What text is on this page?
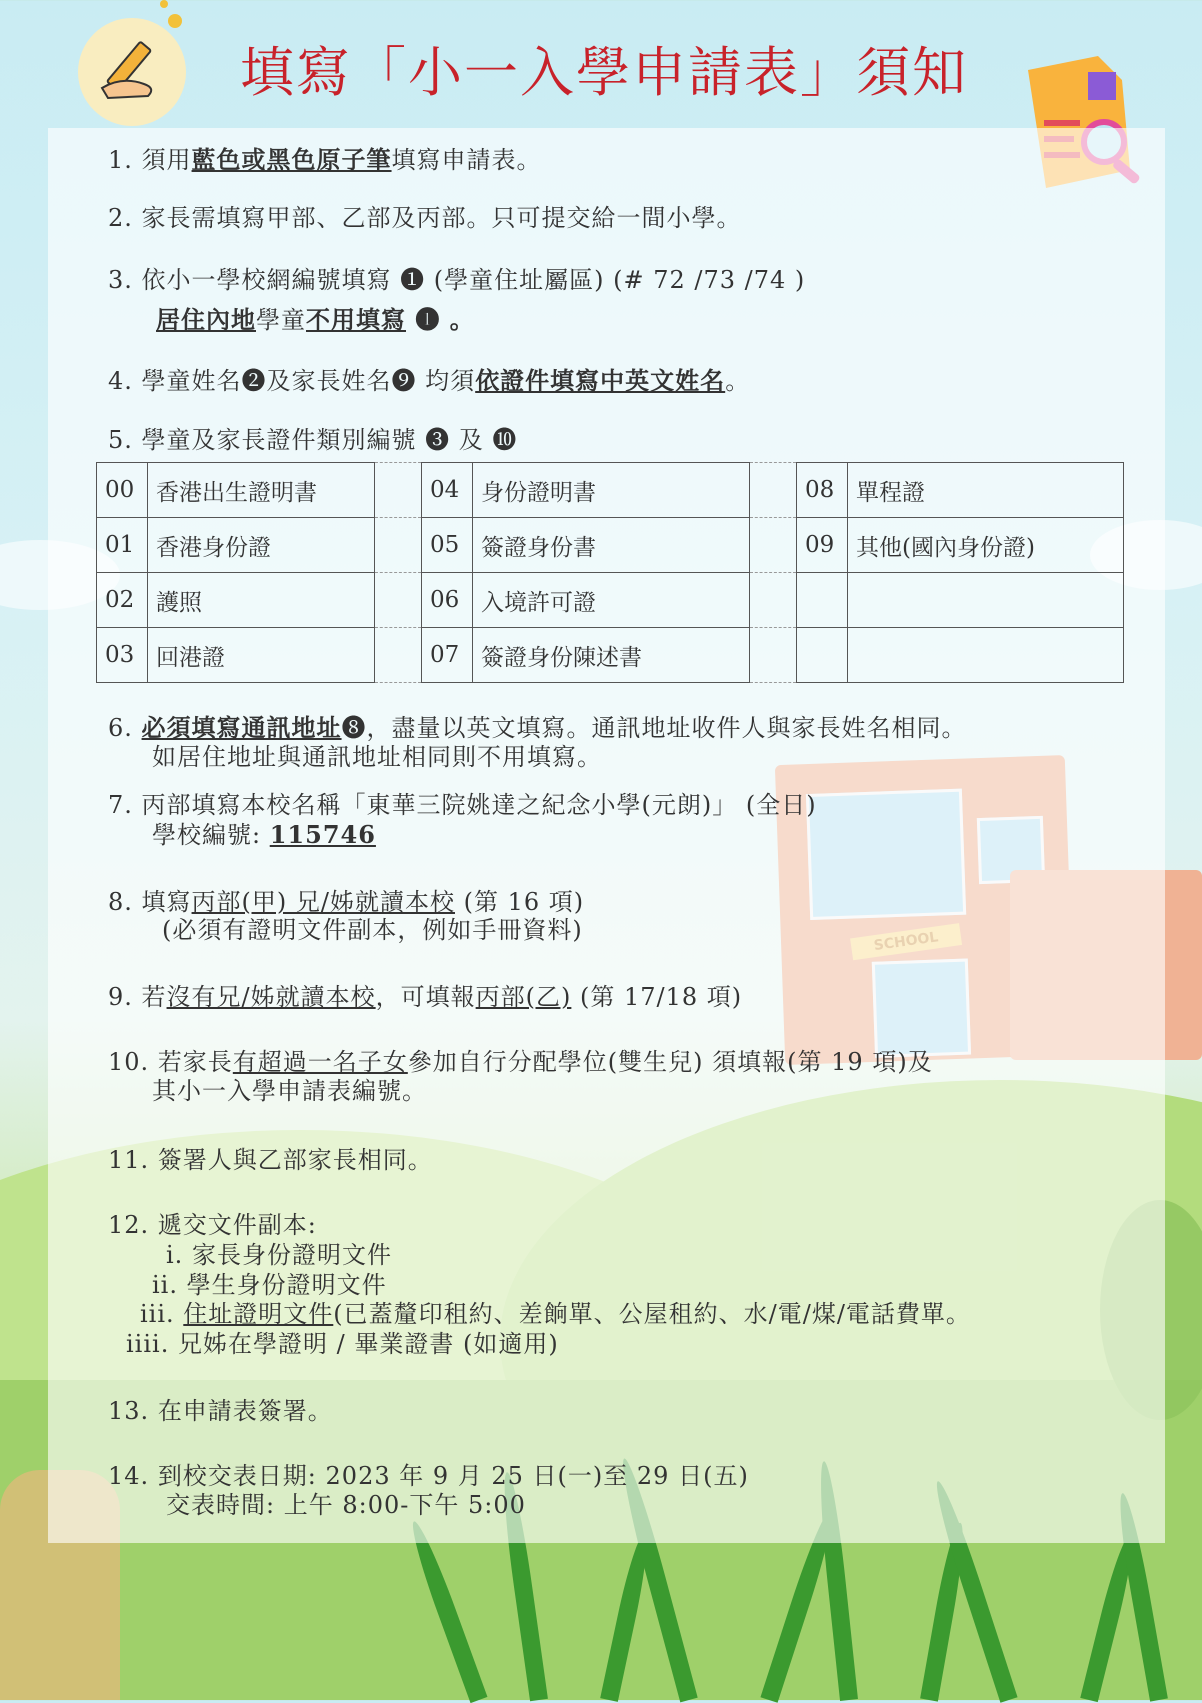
填寫「小一入學申請表」須知
1. 須用藍色或黑色原子筆填寫申請表。
2. 家長需填寫甲部、乙部及丙部。只可提交給一間小學。
3. 依小一學校網編號填寫 ❶ (學童住址屬區) (# 72 /73 /74 )
居住內地學童不用填寫 ❶ 。
4. 學童姓名❷及家長姓名❾ 均須依證件填寫中英文姓名。
5. 學童及家長證件類別編號 ❸ 及 ❿
6. 必須填寫通訊地址❽，盡量以英文填寫。通訊地址收件人與家長姓名相同。
如居住地址與通訊地址相同則不用填寫。
7. 丙部填寫本校名稱「東華三院姚達之紀念小學(元朗)」 (全日)
學校編號: 115746
8. 填寫丙部(甲) 兄/姊就讀本校 (第 16 項)
(必須有證明文件副本，例如手冊資料)
9. 若沒有兄/姊就讀本校，可填報丙部(乙) (第 17/18 項)
10. 若家長有超過一名子女參加自行分配學位(雙生兒) 須填報(第 19 項)及
其小一入學申請表編號。
11. 簽署人與乙部家長相同。
12. 遞交文件副本:
i. 家長身份證明文件
ii. 學生身份證明文件
iii. 住址證明文件(已蓋釐印租約、差餉單、公屋租約、水/電/煤/電話費單。
iiii. 兄姊在學證明 / 畢業證書 (如適用)
13. 在申請表簽署。
14. 到校交表日期: 2023 年 9 月 25 日(一)至 29 日(五)
交表時間: 上午 8:00-下午 5:00
00	香港出生證明書		04	身份證明書		08	單程證
01	香港身份證		05	簽證身份書		09	其他(國內身份證)
02	護照		06	入境許可證			
03	回港證		07	簽證身份陳述書			
